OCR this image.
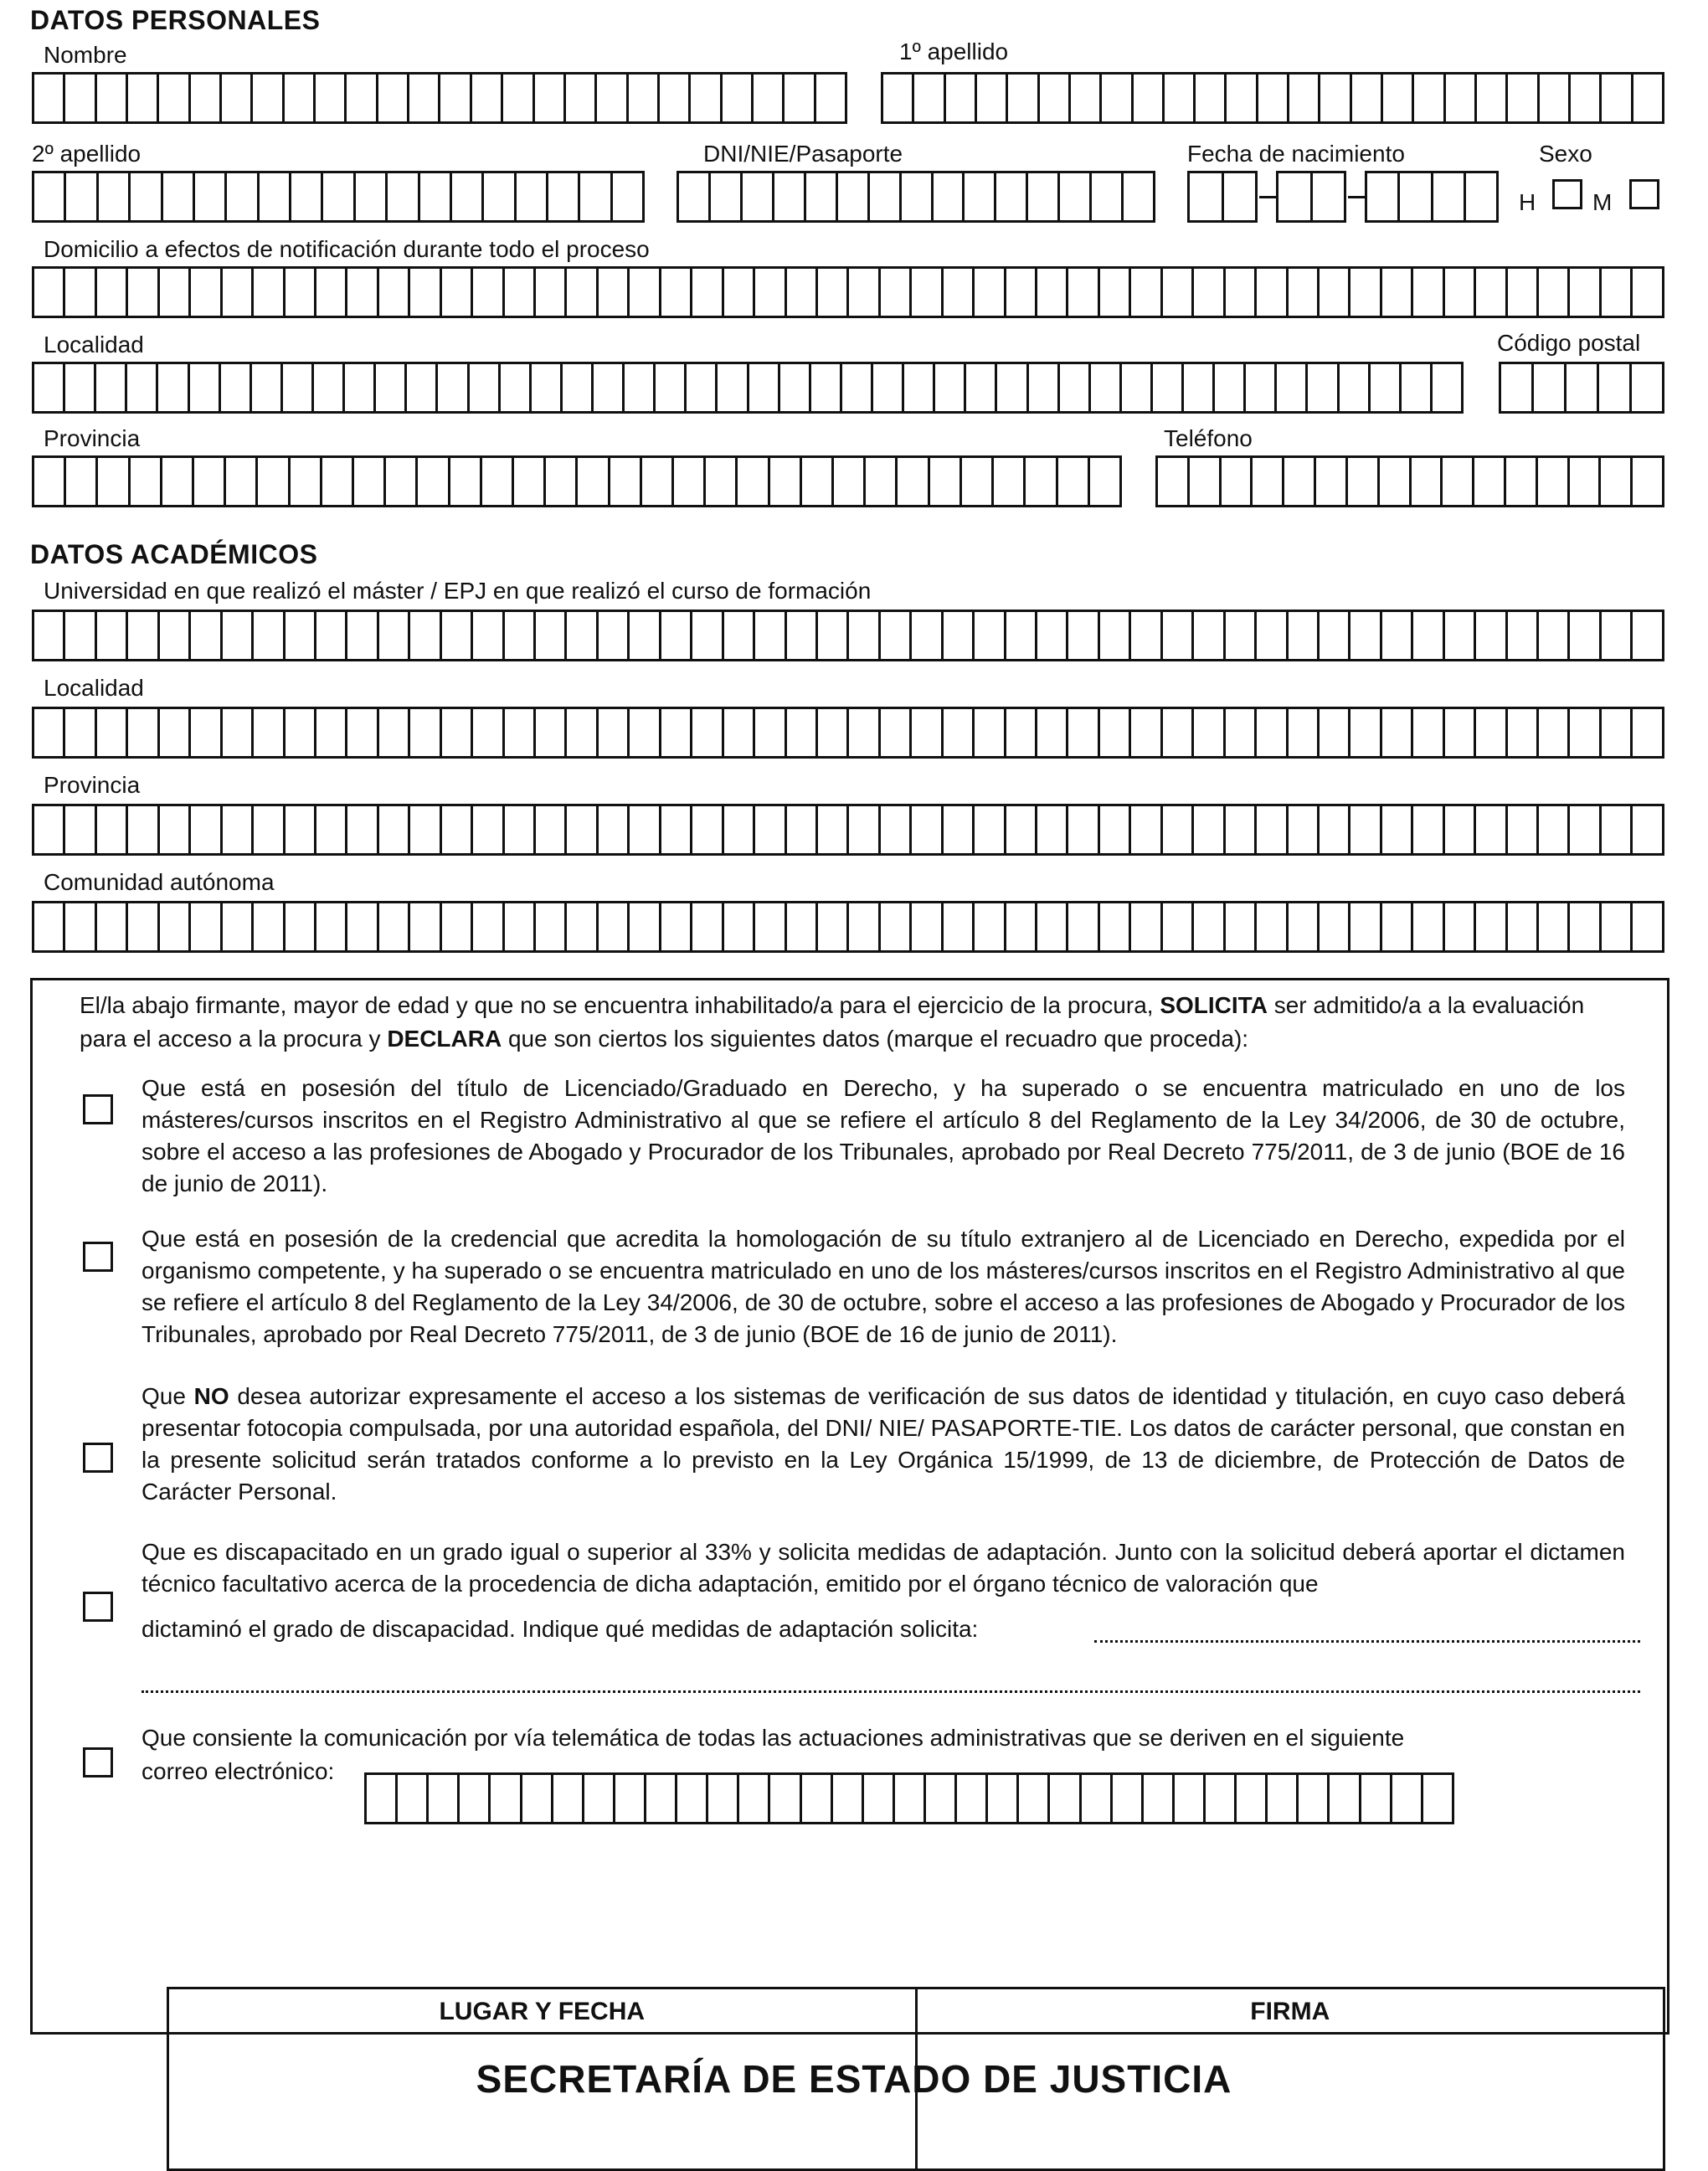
DATOS PERSONALES
Nombre	1º apellido
2º apellido	DNI/NIE/Pasaporte	Fecha de nacimiento	Sexo
H M
Domicilio a efectos de notificación durante todo el proceso
Localidad	Código postal
Provincia	Teléfono
DATOS ACADÉMICOS
Universidad en que realizó el máster / EPJ en que realizó el curso de formación
Localidad
Provincia
Comunidad autónoma
El/la abajo firmante, mayor de edad y que no se encuentra inhabilitado/a para el ejercicio de la procura, SOLICITA ser admitido/a a la evaluación para el acceso a la procura y DECLARA que son ciertos los siguientes datos (marque el recuadro que proceda):
Que está en posesión del título de Licenciado/Graduado en Derecho, y ha superado o se encuentra matriculado en uno de los másteres/cursos inscritos en el Registro Administrativo al que se refiere el artículo 8 del Reglamento de la Ley 34/2006, de 30 de octubre, sobre el acceso a las profesiones de Abogado y Procurador de los Tribunales, aprobado por Real Decreto 775/2011, de 3 de junio (BOE de 16 de junio de 2011).
Que está en posesión de la credencial que acredita la homologación de su título extranjero al de Licenciado en Derecho, expedida por el organismo competente, y ha superado o se encuentra matriculado en uno de los másteres/cursos inscritos en el Registro Administrativo al que se refiere el artículo 8 del Reglamento de la Ley 34/2006, de 30 de octubre, sobre el acceso a las profesiones de Abogado y Procurador de los Tribunales, aprobado por Real Decreto 775/2011, de 3 de junio (BOE de 16 de junio de 2011).
Que NO desea autorizar expresamente el acceso a los sistemas de verificación de sus datos de identidad y titulación, en cuyo caso deberá presentar fotocopia compulsada, por una autoridad española, del DNI/ NIE/ PASAPORTE-TIE. Los datos de carácter personal, que constan en la presente solicitud serán tratados conforme a lo previsto en la Ley Orgánica 15/1999, de 13 de diciembre, de Protección de Datos de Carácter Personal.
Que es discapacitado en un grado igual o superior al 33% y solicita medidas de adaptación. Junto con la solicitud deberá aportar el dictamen técnico facultativo acerca de la procedencia de dicha adaptación, emitido por el órgano técnico de valoración que
dictaminó el grado de discapacidad. Indique qué medidas de adaptación solicita:
Que consiente la comunicación por vía telemática de todas las actuaciones administrativas que se deriven en el siguiente
correo electrónico:
LUGAR Y FECHA	FIRMA
SECRETARÍA DE ESTADO DE JUSTICIA
